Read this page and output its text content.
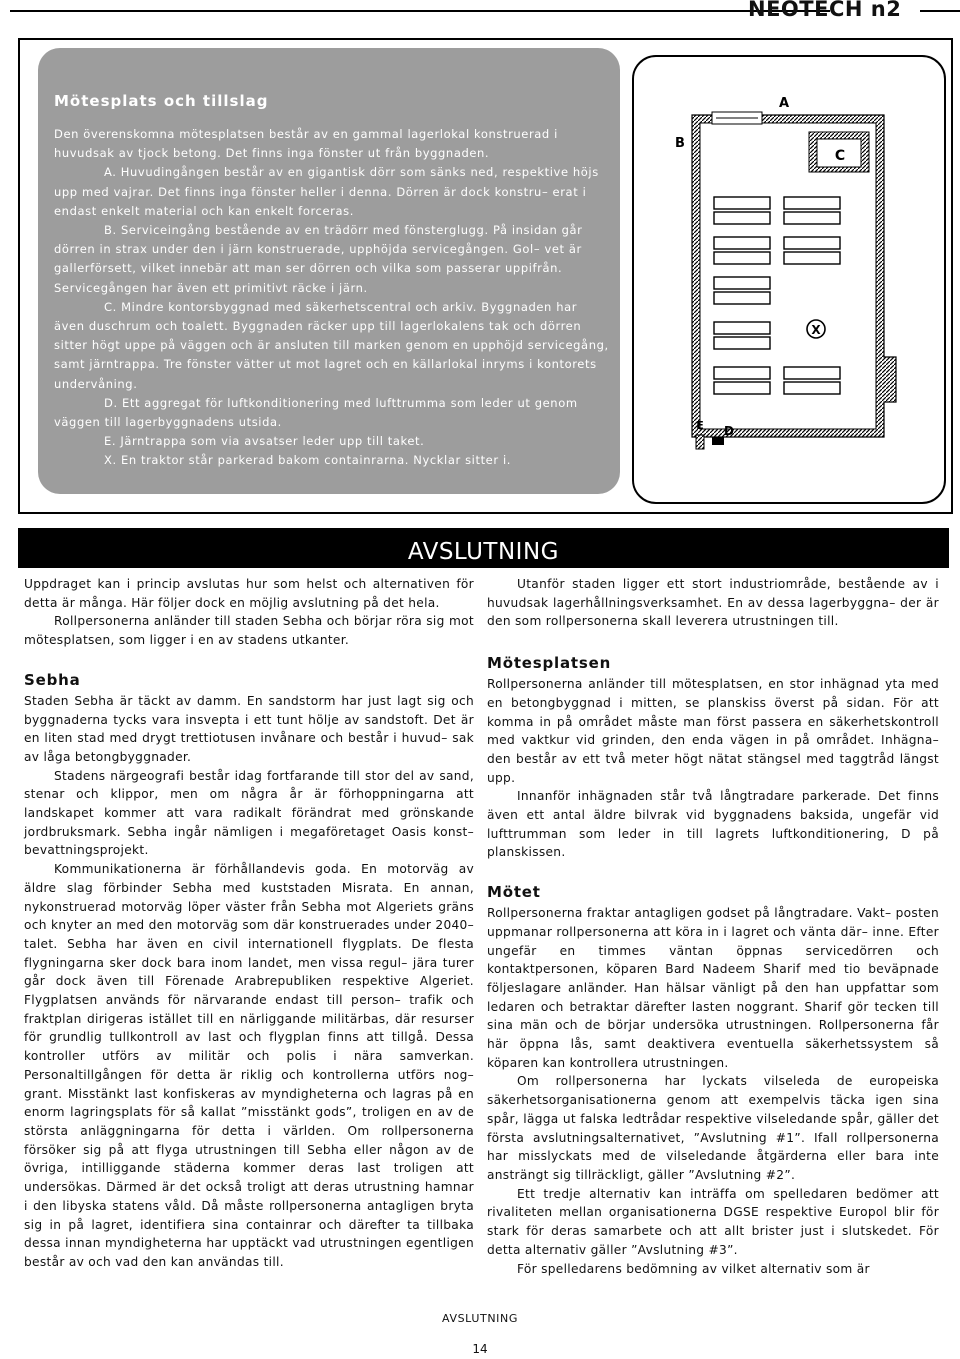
NEOTECH n2
Mötesplats och tillslag

Den överenskomna mötesplatsen består av en gammal lagerlokal konstruerad i huvudsak av tjock betong. Det finns inga fönster ut från byggnaden.

A. Huvudingången består av en gigantisk dörr som sänks ned, respektive höjs upp med vajrar. Det finns inga fönster heller i denna. Dörren är dock konstru– erat i endast enkelt material och kan enkelt forceras.

B. Serviceingång bestående av en trädörr med fönsterglugg. På insidan går dörren in strax under den i järn konstruerade, upphöjda servicegången. Gol– vet är gallerförsett, vilket innebär att man ser dörren och vilka som passerar uppifrån. Servicegången har även ett primitivt räcke i järn.

C. Mindre kontorsbyggnad med säkerhetscentral och arkiv. Byggnaden har även duschrum och toalett. Byggnaden räcker upp till lagerlokalens tak och dörren sitter högt uppe på väggen och är ansluten till marken genom en upphöjd servicegång, samt järntrappa. Tre fönster vätter ut mot lagret och en källarlokal inryms i kontorets undervåning.

D. Ett aggregat för luftkonditionering med lufttrumma som leder ut genom väggen till lagerbyggnadens utsida.

E. Järntrappa som via avsatser leder upp till taket.

X. En traktor står parkerad bakom containrarna. Nycklar sitter i.

X
A
B
C
D
E
AVSLUTNING

Uppdraget kan i princip avslutas hur som helst och alternativen för detta är många. Här följer dock en möjlig avslutning på det hela.

Rollpersonerna anländer till staden Sebha och börjar röra sig mot mötesplatsen, som ligger i en av stadens utkanter.

Sebha

Staden Sebha är täckt av damm. En sandstorm har just lagt sig och byggnaderna tycks vara insvepta i ett tunt hölje av sandstoft. Det är en liten stad med drygt trettiotusen invånare och består i huvud– sak av låga betongbyggnader.

Stadens närgeografi består idag fortfarande till stor del av sand, stenar och klippor, men om några år är förhoppningarna att landskapet kommer att vara radikalt förändrat med grönskande jordbruksmark. Sebha ingår nämligen i megaföretaget Oasis konst– bevattningsprojekt.

Kommunikationerna är förhållandevis goda. En motorväg av äldre slag förbinder Sebha med kuststaden Misrata. En annan, nykonstruerad motorväg löper väster från Sebha mot Algeriets gräns och knyter an med den motorväg som där konstruerades under 2040–talet. Sebha har även en civil internationell flygplats. De flesta flygningarna sker dock bara inom landet, men vissa regul– jära turer går dock även till Förenade Arabrepubliken respektive Algeriet. Flygplatsen används för närvarande endast till person– trafik och fraktplan dirigeras istället till en närliggande militärbas, där resurser för grundlig tullkontroll av last och flygplan finns att tillgå. Dessa kontroller utförs av militär och polis i nära samverkan. Personaltillgången för detta är riklig och kontrollerna utförs nog– grant. Misstänkt last konfiskeras av myndigheterna och lagras på en enorm lagringsplats för så kallat ”misstänkt gods”, troligen en av de största anläggningarna för detta i världen. Om rollpersonerna försöker sig på att flyga utrustningen till Sebha eller någon av de övriga, intilliggande städerna kommer deras last troligen att undersökas. Därmed är det också troligt att deras utrustning hamnar i den libyska statens våld. Då måste rollpersonerna antagligen bryta sig in på lagret, identifiera sina containrar och därefter ta tillbaka dessa innan myndigheterna har upptäckt vad utrustningen egentligen består av och vad den kan användas till.

Utanför staden ligger ett stort industriområde, bestående av i huvudsak lagerhållningsverksamhet. En av dessa lagerbyggna– der är den som rollpersonerna skall leverera utrustningen till.

Mötesplatsen

Rollpersonerna anländer till mötesplatsen, en stor inhägnad yta med en betongbyggnad i mitten, se planskiss överst på sidan. För att komma in på området måste man först passera en säkerhetskontroll med vaktkur vid grinden, den enda vägen in på området. Inhägna– den består av ett två meter högt nätat stängsel med taggtråd längst upp.

Innanför inhägnaden står två långtradare parkerade. Det finns även ett antal äldre bilvrak vid byggnadens baksida, ungefär vid lufttrumman som leder in till lagrets luftkonditionering, D på planskissen.

Mötet

Rollpersonerna fraktar antagligen godset på långtradare. Vakt– posten uppmanar rollpersonerna att köra in i lagret och vänta där– inne. Efter ungefär en timmes väntan öppnas servicedörren och kontaktpersonen, köparen Bard Nadeem Sharif med tio beväpnade följeslagare anländer. Han hälsar vänligt på den han uppfattar som ledaren och betraktar därefter lasten noggrant. Sharif gör tecken till sina män och de börjar undersöka utrustningen. Rollpersonerna får här öppna lås, samt deaktivera eventuella säkerhetssystem så köparen kan kontrollera utrustningen.

Om rollpersonerna har lyckats vilseleda de europeiska säkerhetsorganisationerna genom att exempelvis täcka igen sina spår, lägga ut falska ledtrådar respektive vilseledande spår, gäller det första avslutningsalternativet, ”Avslutning #1”. Ifall rollpersonerna har misslyckats med de vilseledande åtgärderna eller bara inte ansträngt sig tillräckligt, gäller ”Avslutning #2”.

Ett tredje alternativ kan inträffa om spelledaren bedömer att rivaliteten mellan organisationerna DGSE respektive Europol blir för stark för deras samarbete och att allt brister just i slutskedet. För detta alternativ gäller ”Avslutning #3”.

För spelledarens bedömning av vilket alternativ som är

AVSLUTNING
14
